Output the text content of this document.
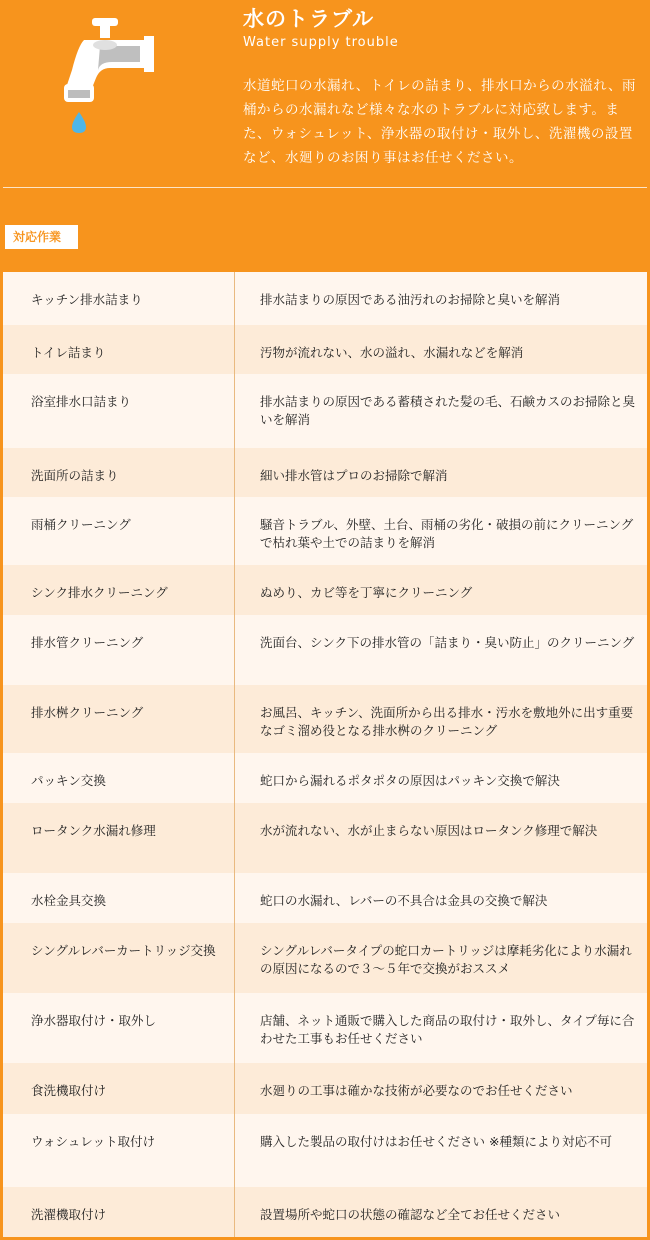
水のトラブル
Water supply trouble
水道蛇口の水漏れ、トイレの詰まり、排水口からの水溢れ、雨桶からの水漏れなど様々な水のトラブルに対応致します。また、ウォシュレット、浄水器の取付け・取外し、洗濯機の設置など、水廻りのお困り事はお任せください。
対応作業
キッチン排水詰まり	排水詰まりの原因である油汚れのお掃除と臭いを解消
トイレ詰まり	汚物が流れない、水の溢れ、水漏れなどを解消
浴室排水口詰まり	排水詰まりの原因である蓄積された髪の毛、石鹸カスのお掃除と臭いを解消
洗面所の詰まり	細い排水管はプロのお掃除で解消
雨桶クリーニング	騒音トラブル、外壁、土台、雨桶の劣化・破損の前にクリーニングで枯れ葉や土での詰まりを解消
シンク排水クリーニング	ぬめり、カビ等を丁寧にクリーニング
排水管クリーニング	洗面台、シンク下の排水管の「詰まり・臭い防止」のクリーニング
排水桝クリーニング	お風呂、キッチン、洗面所から出る排水・汚水を敷地外に出す重要なゴミ溜め役となる排水桝のクリーニング
パッキン交換	蛇口から漏れるポタポタの原因はパッキン交換で解決
ロータンク水漏れ修理	水が流れない、水が止まらない原因はロータンク修理で解決
水栓金具交換	蛇口の水漏れ、レバーの不具合は金具の交換で解決
シングルレバーカートリッジ交換	シングルレバータイプの蛇口カートリッジは摩耗劣化により水漏れの原因になるので３～５年で交換がおススメ
浄水器取付け・取外し	店舗、ネット通販で購入した商品の取付け・取外し、タイプ毎に合わせた工事もお任せください
食洗機取付け	水廻りの工事は確かな技術が必要なのでお任せください
ウォシュレット取付け	購入した製品の取付けはお任せください ※種類により対応不可
洗濯機取付け	設置場所や蛇口の状態の確認など全てお任せください
